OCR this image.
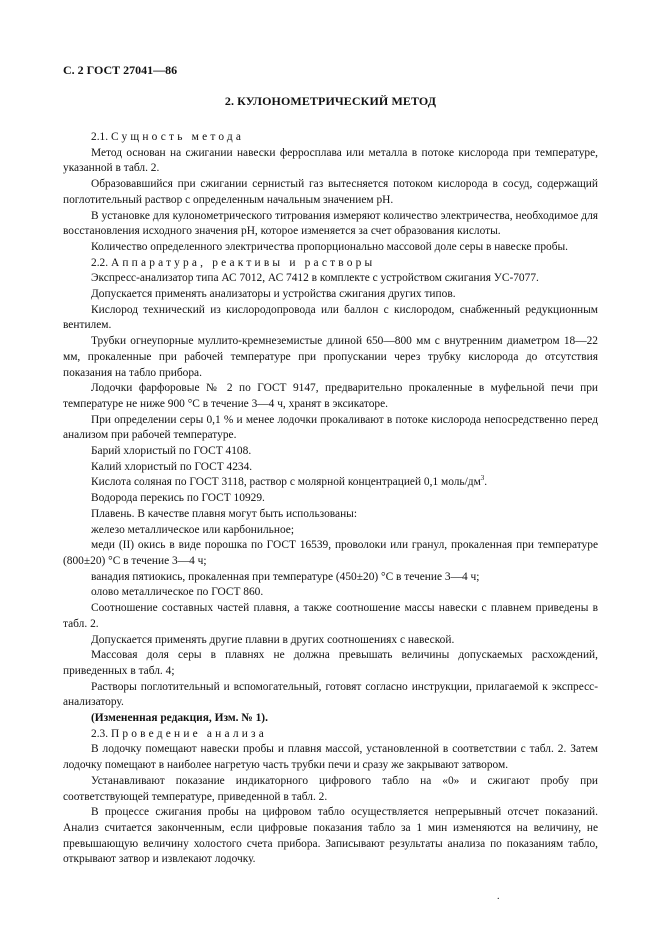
С. 2 ГОСТ 27041—86
2. КУЛОНОМЕТРИЧЕСКИЙ МЕТОД

2.1. Сущность метода

Метод основан на сжигании навески ферросплава или металла в потоке кислорода при температуре, указанной в табл. 2.

Образовавшийся при сжигании сернистый газ вытесняется потоком кислорода в сосуд, содержащий поглотительный раствор с определенным начальным значением pH.

В установке для кулонометрического титрования измеряют количество электричества, необходимое для восстановления исходного значения pH, которое изменяется за счет образования кислоты.

Количество определенного электричества пропорционально массовой доле серы в навеске пробы.

2.2. Аппаратура, реактивы и растворы

Экспресс-анализатор типа АС 7012, АС 7412 в комплекте с устройством сжигания УС-7077.

Допускается применять анализаторы и устройства сжигания других типов.

Кислород технический из кислородопровода или баллон с кислородом, снабженный редукционным вентилем.

Трубки огнеупорные муллито-кремнеземистые длиной 650—800 мм с внутренним диаметром 18—22 мм, прокаленные при рабочей температуре при пропускании через трубку кислорода до отсутствия показания на табло прибора.

Лодочки фарфоровые № 2 по ГОСТ 9147, предварительно прокаленные в муфельной печи при температуре не ниже 900 °С в течение 3—4 ч, хранят в эксикаторе.

При определении серы 0,1 % и менее лодочки прокаливают в потоке кислорода непосредственно перед анализом при рабочей температуре.

Барий хлористый по ГОСТ 4108.

Калий хлористый по ГОСТ 4234.

Кислота соляная по ГОСТ 3118, раствор с молярной концентрацией 0,1 моль/$дм^3$.

Водорода перекись по ГОСТ 10929.

Плавень. В качестве плавня могут быть использованы:

железо металлическое или карбонильное;

меди (II) окись в виде порошка по ГОСТ 16539, проволоки или гранул, прокаленная при температуре (800±20) °С в течение 3—4 ч;

ванадия пятиокись, прокаленная при температуре (450±20) °С в течение 3—4 ч;

олово металлическое по ГОСТ 860.

Соотношение составных частей плавня, а также соотношение массы навески с плавнем приведены в табл. 2.

Допускается применять другие плавни в других соотношениях с навеской.

Массовая доля серы в плавнях не должна превышать величины допускаемых расхождений, приведенных в табл. 4;

Растворы поглотительный и вспомогательный, готовят согласно инструкции, прилагаемой к экспресс-анализатору.

(Измененная редакция, Изм. № 1).

2.3. Проведение анализа

В лодочку помещают навески пробы и плавня массой, установленной в соответствии с табл. 2. Затем лодочку помещают в наиболее нагретую часть трубки печи и сразу же закрывают затвором.

Устанавливают показание индикаторного цифрового табло на «0» и сжигают пробу при соответствующей температуре, приведенной в табл. 2.

В процессе сжигания пробы на цифровом табло осуществляется непрерывный отсчет показаний. Анализ считается законченным, если цифровые показания табло за 1 мин изменяются на величину, не превышающую величину холостого счета прибора. Записывают результаты анализа по показаниям табло, открывают затвор и извлекают лодочку.

.
